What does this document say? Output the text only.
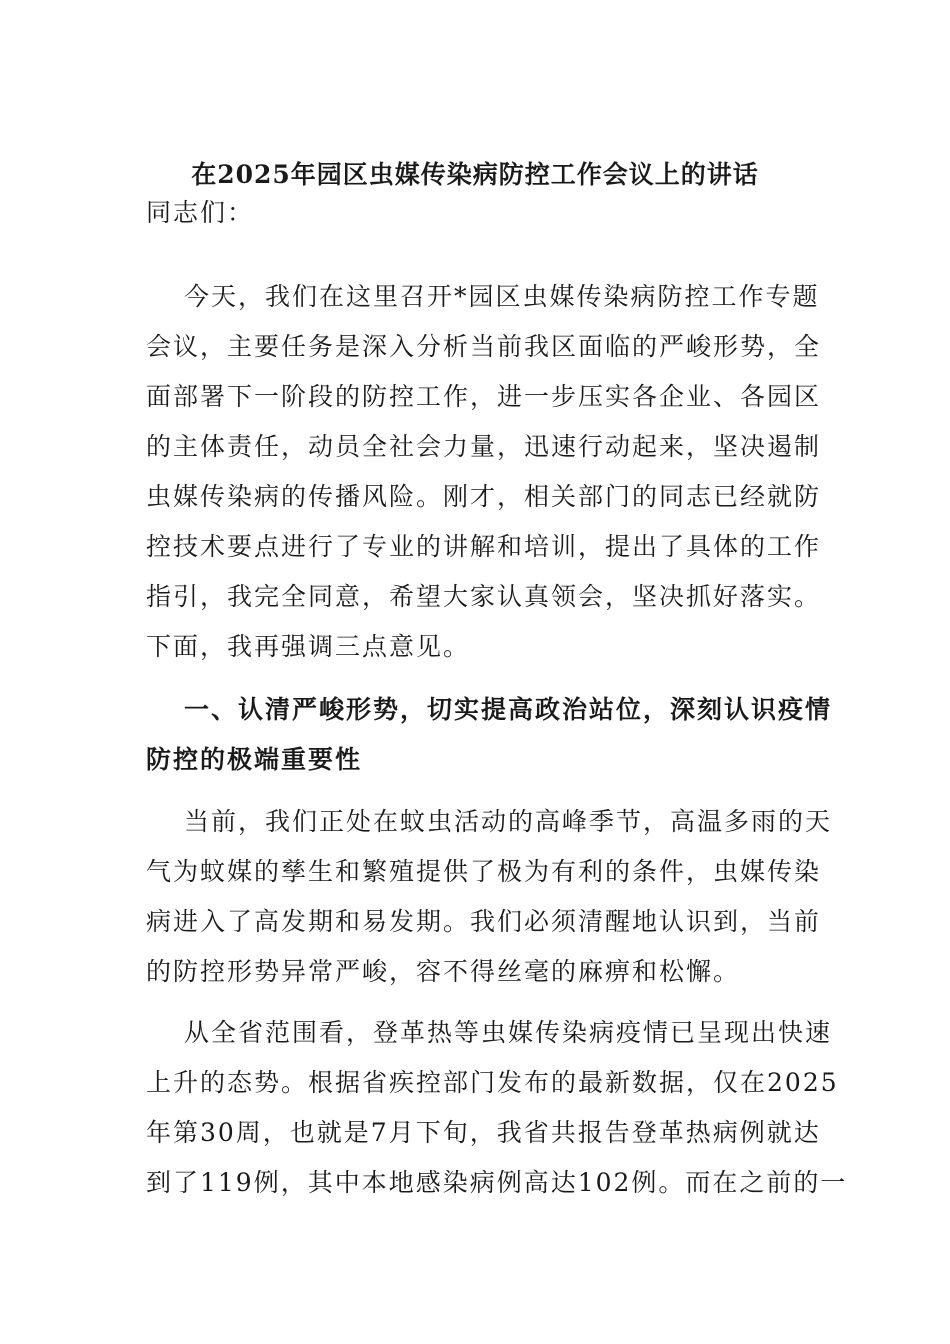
在2025年园区虫媒传染病防控工作会议上的讲话

同志们：

今天，我们在这里召开*园区虫媒传染病防控工作专题
会议，主要任务是深入分析当前我区面临的严峻形势，全
面部署下一阶段的防控工作，进一步压实各企业、各园区
的主体责任，动员全社会力量，迅速行动起来，坚决遏制
虫媒传染病的传播风险。刚才，相关部门的同志已经就防
控技术要点进行了专业的讲解和培训，提出了具体的工作
指引，我完全同意，希望大家认真领会，坚决抓好落实。
下面，我再强调三点意见。

一、认清严峻形势，切实提高政治站位，深刻认识疫情
防控的极端重要性

当前，我们正处在蚊虫活动的高峰季节，高温多雨的天
气为蚊媒的孳生和繁殖提供了极为有利的条件，虫媒传染
病进入了高发期和易发期。我们必须清醒地认识到，当前
的防控形势异常严峻，容不得丝毫的麻痹和松懈。

从全省范围看，登革热等虫媒传染病疫情已呈现出快速
上升的态势。根据省疾控部门发布的最新数据，仅在2025
年第30周，也就是7月下旬，我省共报告登革热病例就达
到了119例，其中本地感染病例高达102例。而在之前的一
